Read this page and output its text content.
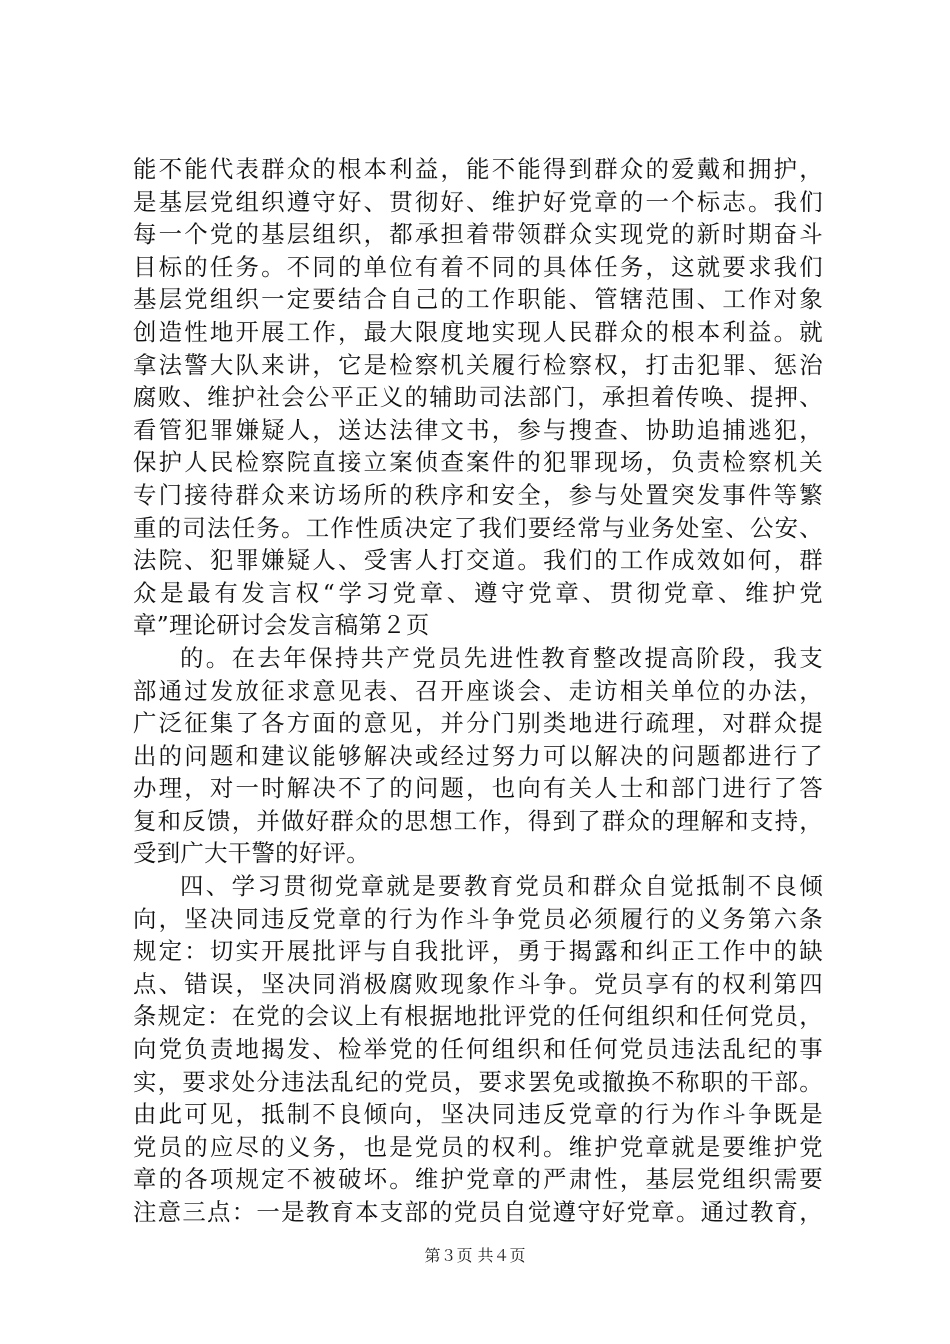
能不能代表群众的根本利益，能不能得到群众的爱戴和拥护，
是基层党组织遵守好、贯彻好、维护好党章的一个标志。我们
每一个党的基层组织，都承担着带领群众实现党的新时期奋斗
目标的任务。不同的单位有着不同的具体任务，这就要求我们
基层党组织一定要结合自己的工作职能、管辖范围、工作对象
创造性地开展工作，最大限度地实现人民群众的根本利益。就
拿法警大队来讲，它是检察机关履行检察权，打击犯罪、惩治
腐败、维护社会公平正义的辅助司法部门，承担着传唤、提押、
看管犯罪嫌疑人，送达法律文书，参与搜查、协助追捕逃犯，
保护人民检察院直接立案侦查案件的犯罪现场，负责检察机关
专门接待群众来访场所的秩序和安全，参与处置突发事件等繁
重的司法任务。工作性质决定了我们要经常与业务处室、公安、
法院、犯罪嫌疑人、受害人打交道。我们的工作成效如何，群
众是最有发言权“学习党章、遵守党章、贯彻党章、维护党
章”理论研讨会发言稿第２页
的。在去年保持共产党员先进性教育整改提高阶段，我支
部通过发放征求意见表、召开座谈会、走访相关单位的办法，
广泛征集了各方面的意见，并分门别类地进行疏理，对群众提
出的问题和建议能够解决或经过努力可以解决的问题都进行了
办理，对一时解决不了的问题，也向有关人士和部门进行了答
复和反馈，并做好群众的思想工作，得到了群众的理解和支持，
受到广大干警的好评。
四、学习贯彻党章就是要教育党员和群众自觉抵制不良倾
向，坚决同违反党章的行为作斗争党员必须履行的义务第六条
规定：切实开展批评与自我批评，勇于揭露和纠正工作中的缺
点、错误，坚决同消极腐败现象作斗争。党员享有的权利第四
条规定：在党的会议上有根据地批评党的任何组织和任何党员，
向党负责地揭发、检举党的任何组织和任何党员违法乱纪的事
实，要求处分违法乱纪的党员，要求罢免或撤换不称职的干部。
由此可见，抵制不良倾向，坚决同违反党章的行为作斗争既是
党员的应尽的义务，也是党员的权利。维护党章就是要维护党
章的各项规定不被破坏。维护党章的严肃性，基层党组织需要
注意三点：一是教育本支部的党员自觉遵守好党章。通过教育，
第３页 共４页
